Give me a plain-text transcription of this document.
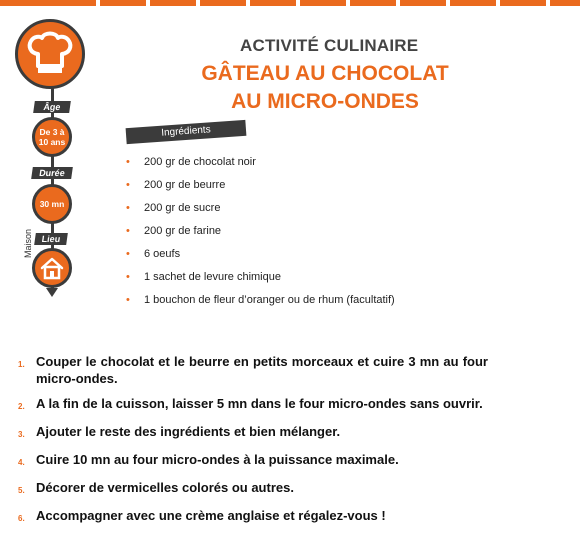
Âge
De 3 à 10 ans
Durée
30 mn
Lieu
Maison
ACTIVITÉ CULINAIRE
GÂTEAU AU CHOCOLAT
AU MICRO-ONDES
Ingrédients
•	200 gr de chocolat noir
•	200 gr de beurre
•	200 gr de sucre
•	200 gr de farine
•	6 oeufs
•	1 sachet de levure chimique
•	1 bouchon de fleur d’oranger ou de rhum (facultatif)
1. Couper le chocolat et le beurre en petits morceaux et cuire 3 mn au four micro-ondes.
2. A la fin de la cuisson, laisser 5 mn dans le four micro-ondes sans ouvrir.
3. Ajouter le reste des ingrédients et bien mélanger.
4. Cuire 10 mn au four micro-ondes à la puissance maximale.
5. Décorer de vermicelles colorés ou autres.
6. Accompagner avec une crème anglaise et régalez-vous !
